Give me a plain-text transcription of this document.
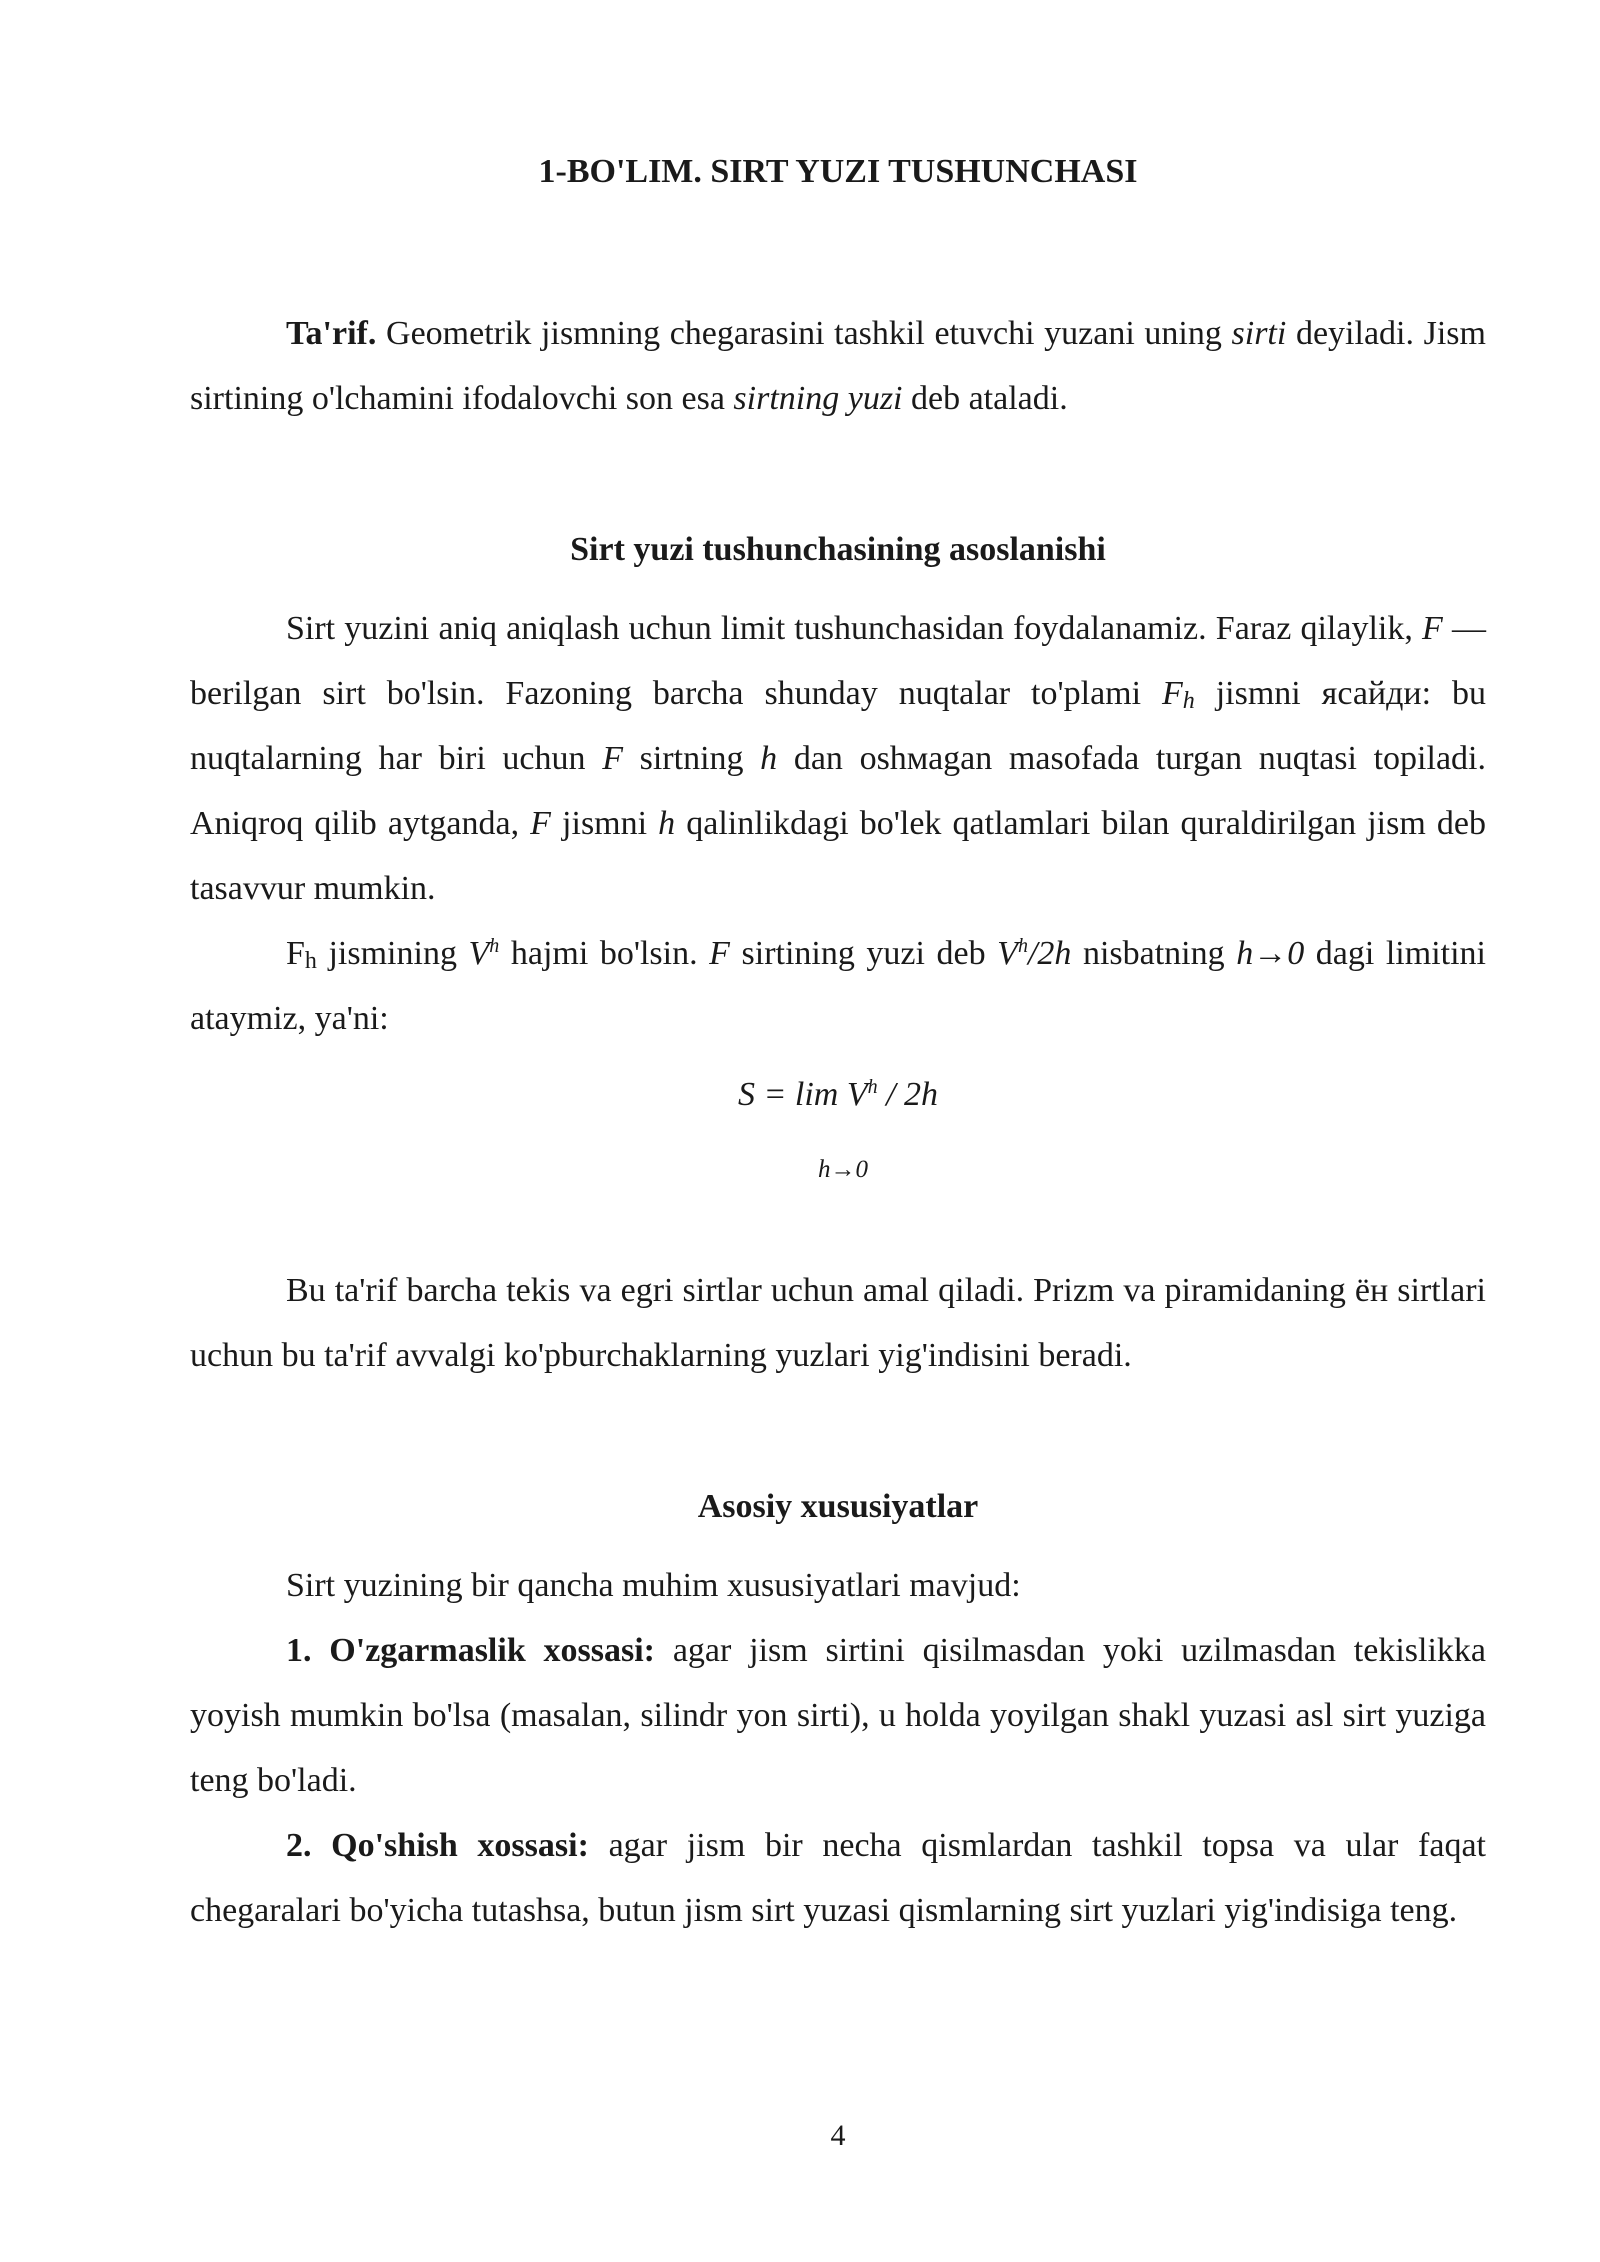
1-BO'LIM. SIRT YUZI TUSHUNCHASI

Ta'rif. Geometrik jismning chegarasini tashkil etuvchi yuzani uning sirti deyiladi. Jism sirtining o'lchamini ifodalovchi son esa sirtning yuzi deb ataladi.

Sirt yuzi tushunchasining asoslanishi

Sirt yuzini aniq aniqlash uchun limit tushunchasidan foydalanamiz. Faraz qilaylik, F — berilgan sirt bo'lsin. Fazoning barcha shunday nuqtalar to'plami Fh jismni ясайди: bu nuqtalarning har biri uchun F sirtning h dan oshмаgan masofada turgan nuqtasi topiladi. Aniqroq qilib aytganda, F jismni h qalinlikdagi bo'lek qatlamlari bilan quraldirilgan jism deb tasavvur mumkin.

Fh jismining $V^h$ hajmi bo'lsin. F sirtining yuzi deb $V^h/2h$ nisbatning h→0 dagi limitini ataymiz, ya'ni:

$S = \lim V^h / 2h$
h→0

Bu ta'rif barcha tekis va egri sirtlar uchun amal qiladi. Prizm va piramidaning ён sirtlari uchun bu ta'rif avvalgi ko'pburchaklarning yuzlari yig'indisini beradi.

Asosiy xususiyatlar

Sirt yuzining bir qancha muhim xususiyatlari mavjud:

1. O'zgarmaslik xossasi: agar jism sirtini qisilmasdan yoki uzilmasdan tekislikka yoyish mumkin bo'lsa (masalan, silindr yon sirti), u holda yoyilgan shakl yuzasi asl sirt yuziga teng bo'ladi.

2. Qo'shish xossasi: agar jism bir necha qismlardan tashkil topsa va ular faqat chegaralari bo'yicha tutashsa, butun jism sirt yuzasi qismlarning sirt yuzlari yig'indisiga teng.

4
